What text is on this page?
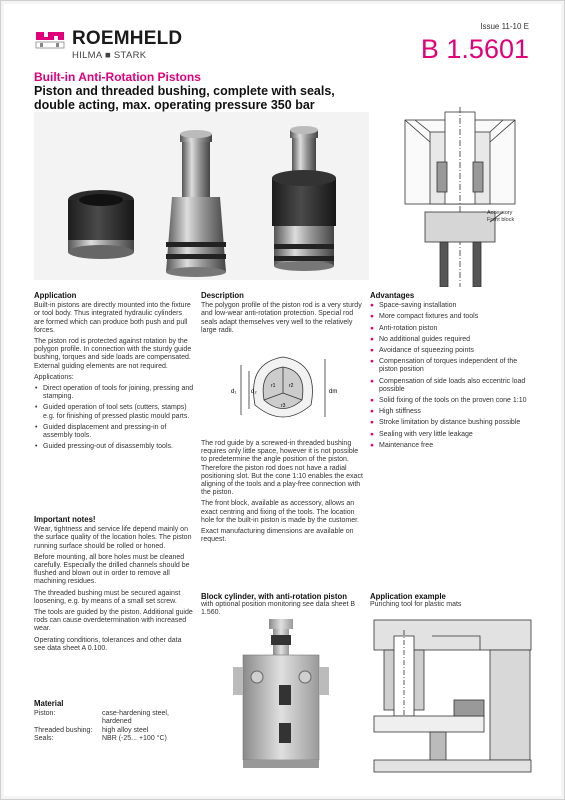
ROEMHELD
HILMA ■ STARK
Issue 11-10 E
B 1.5601
Built-in Anti-Rotation Pistons
Piston and threaded bushing, complete with seals,
double acting, max. operating pressure 350 bar
Accessory
Front block
Application

Built-in pistons are directly mounted into the fixture or tool body. Thus integrated hydraulic cylinders are formed which can produce both push and pull forces.

The piston rod is protected against rotation by the polygon profile. In connection with the sturdy guide bushing, torques and side loads are compensated. External guiding elements are not required.

Applications:

• Direct operation of tools for joining, pressing and stamping.
• Guided operation of tool sets (cutters, stamps) e.g. for finishing of pressed plastic mould parts.
• Guided displacement and pressing-in of assembly tools.
• Guided pressing-out of disassembly tools.
Important notes!

Wear, tightness and service life depend mainly on the surface quality of the location holes. The piston running surface should be rolled or honed.

Before mounting, all bore holes must be cleaned carefully. Especially the drilled channels should be flushed and blown out in order to remove all machining residues.

The threaded bushing must be secured against loosening, e.g. by means of a small set screw.

The tools are guided by the piston. Additional guide rods can cause overdetermination with increased wear.

Operating conditions, tolerances and other data see data sheet A 0.100.

Material
Piston:	case-hardening steel, hardened
Threaded bushing:	high alloy steel
Seals:	NBR (-25... +100 °C)
Description

The polygon profile of the piston rod is a very sturdy and low-wear anti-rotation protection. Special rod seals adapt themselves very well to the relatively large radii.

d₁ d₂	dm
r1	r2
r3

The rod guide by a screwed-in threaded bushing requires only little space, however it is not possible to predetermine the angle position of the piston. Therefore the piston rod does not have a radial positioning slot. But the cone 1:10 enables the exact aligning of the tools and a play-free connection with the piston.

The front block, available as accessory, allows an exact centring and fixing of the tools. The location hole for the built-in piston is made by the customer.

Exact manufacturing dimensions are available on request.

Block cylinder, with anti-rotation piston

with optional position monitoring see data sheet B 1.560.

Advantages
● Space-saving installation
● More compact fixtures and tools
● Anti-rotation piston
● No additional guides required
● Avoidance of squeezing points
● Compensation of torques independent of the piston position
● Compensation of side loads also eccentric load possible
● Solid fixing of the tools on the proven cone 1:10
● High stiffness
● Stroke limitation by distance bushing possible
● Sealing with very little leakage
● Maintenance free
Application example

Punching tool for plastic mats
